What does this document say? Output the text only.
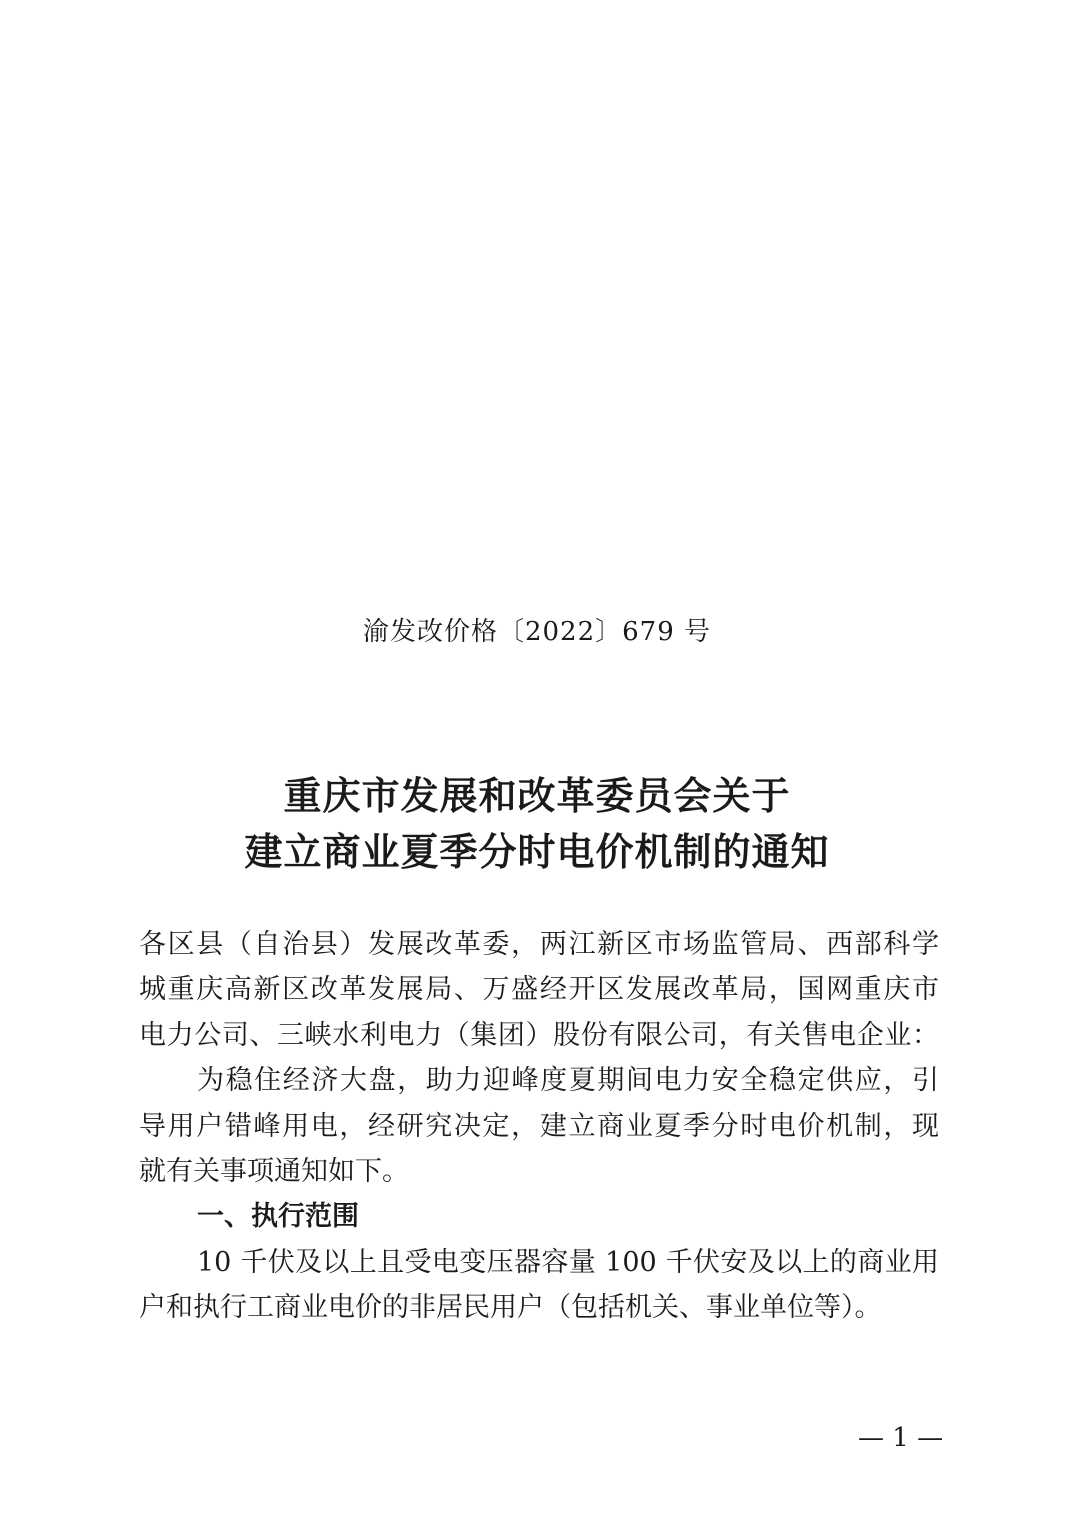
渝发改价格〔2022〕679 号
重庆市发展和改革委员会关于
建立商业夏季分时电价机制的通知
各区县（自治县）发展改革委，两江新区市场监管局、西部科学
城重庆高新区改革发展局、万盛经开区发展改革局，国网重庆市
电力公司、三峡水利电力（集团）股份有限公司，有关售电企业：
为稳住经济大盘，助力迎峰度夏期间电力安全稳定供应，引
导用户错峰用电，经研究决定，建立商业夏季分时电价机制，现
就有关事项通知如下。
一、执行范围
10 千伏及以上且受电变压器容量 100 千伏安及以上的商业用
户和执行工商业电价的非居民用户（包括机关、事业单位等）。
— 1 —
